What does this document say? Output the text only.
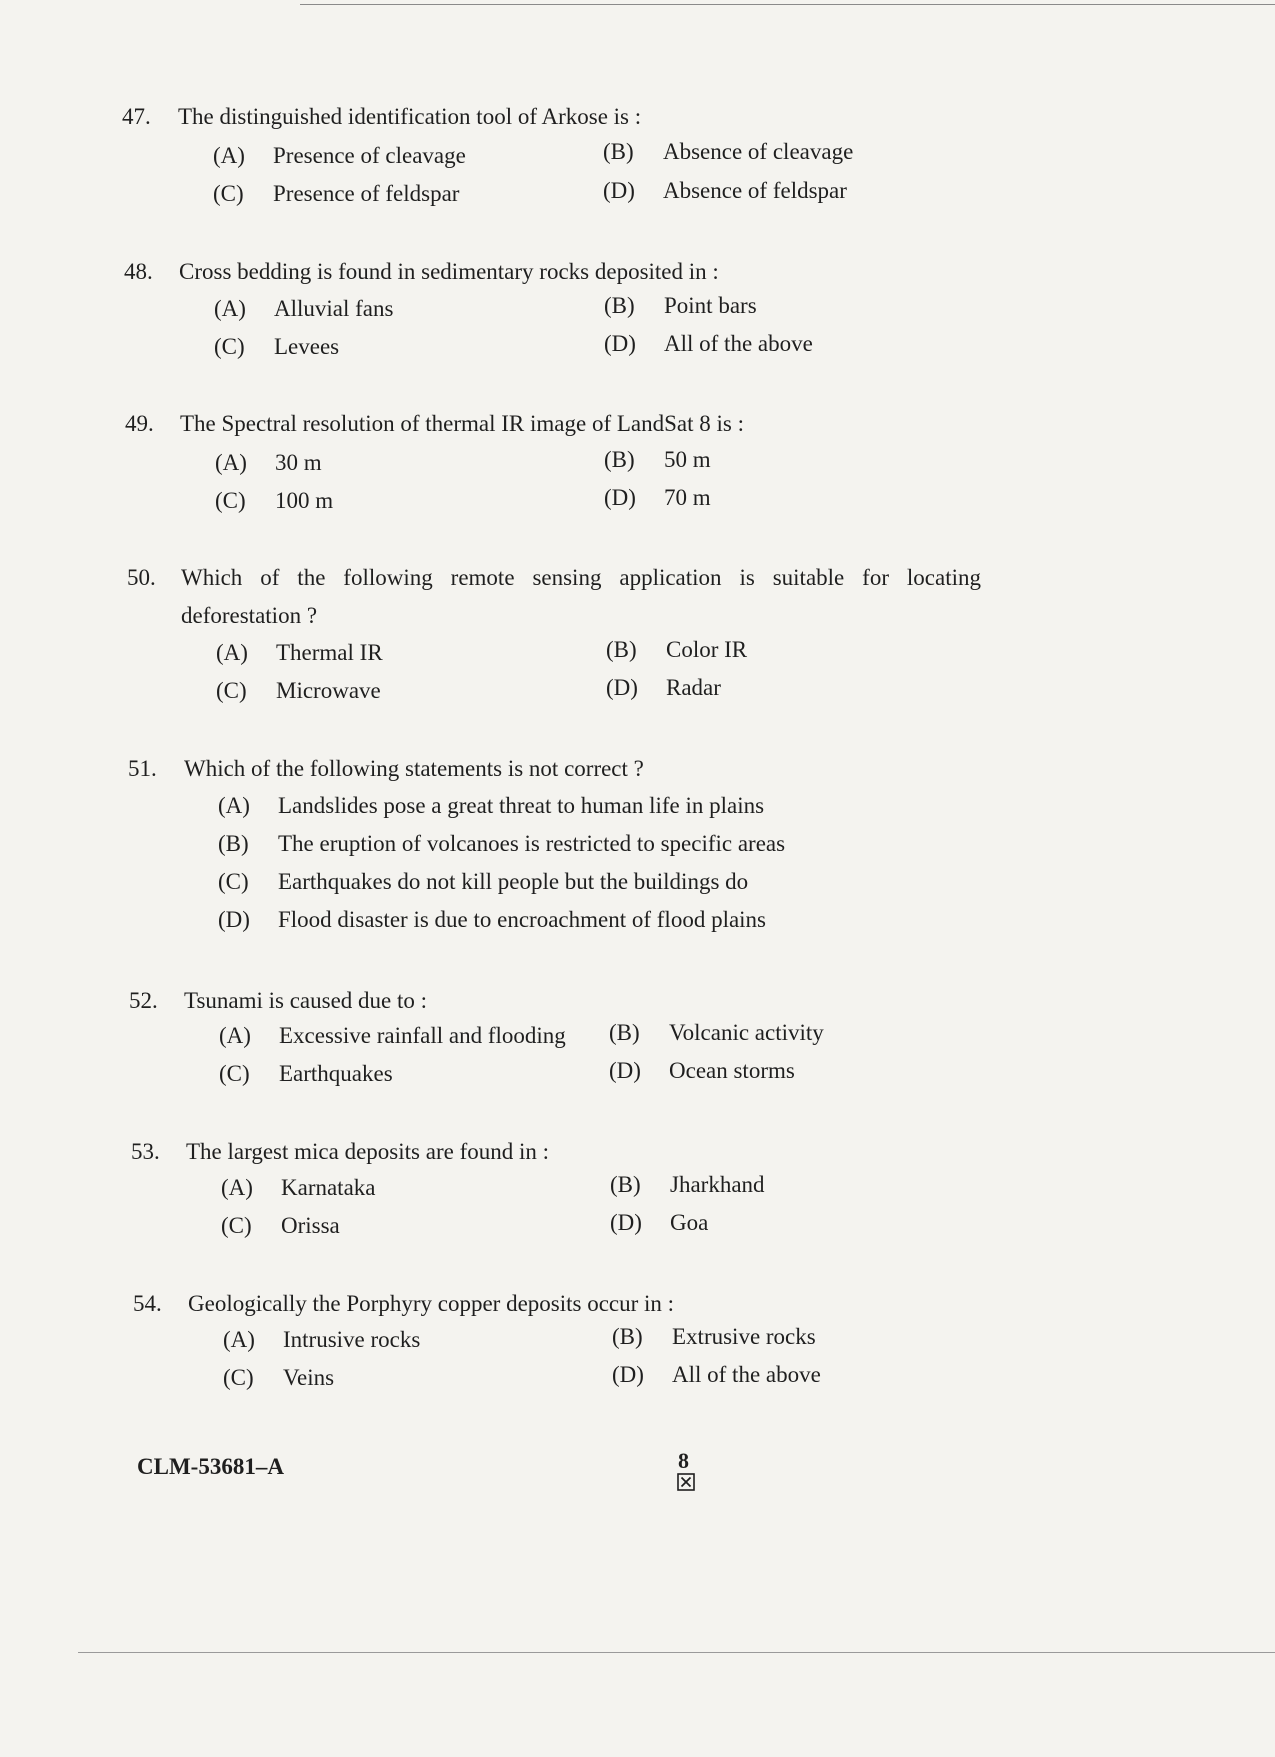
47.	The distinguished identification tool of Arkose is :
(A) Presence of cleavage	(B) Absence of cleavage
(C) Presence of feldspar	(D) Absence of feldspar
48.	Cross bedding is found in sedimentary rocks deposited in :
(A) Alluvial fans	(B) Point bars
(C) Levees	(D) All of the above
49.	The Spectral resolution of thermal IR image of LandSat 8 is :
(A) 30 m	(B) 50 m
(C) 100 m	(D) 70 m
50.	Which of the following remote sensing application is suitable for locating
deforestation ?
(A) Thermal IR	(B) Color IR
(C) Microwave	(D) Radar
51.	Which of the following statements is not correct ?
(A) Landslides pose a great threat to human life in plains
(B) The eruption of volcanoes is restricted to specific areas
(C) Earthquakes do not kill people but the buildings do
(D) Flood disaster is due to encroachment of flood plains
52.	Tsunami is caused due to :
(A) Excessive rainfall and flooding (B) Volcanic activity
(C) Earthquakes	(D) Ocean storms
53.	The largest mica deposits are found in :
(A) Karnataka	(B) Jharkhand
(C) Orissa	(D) Goa
54.	Geologically the Porphyry copper deposits occur in :
(A) Intrusive rocks	(B) Extrusive rocks
(C) Veins	(D) All of the above
CLM-53681–A	8
